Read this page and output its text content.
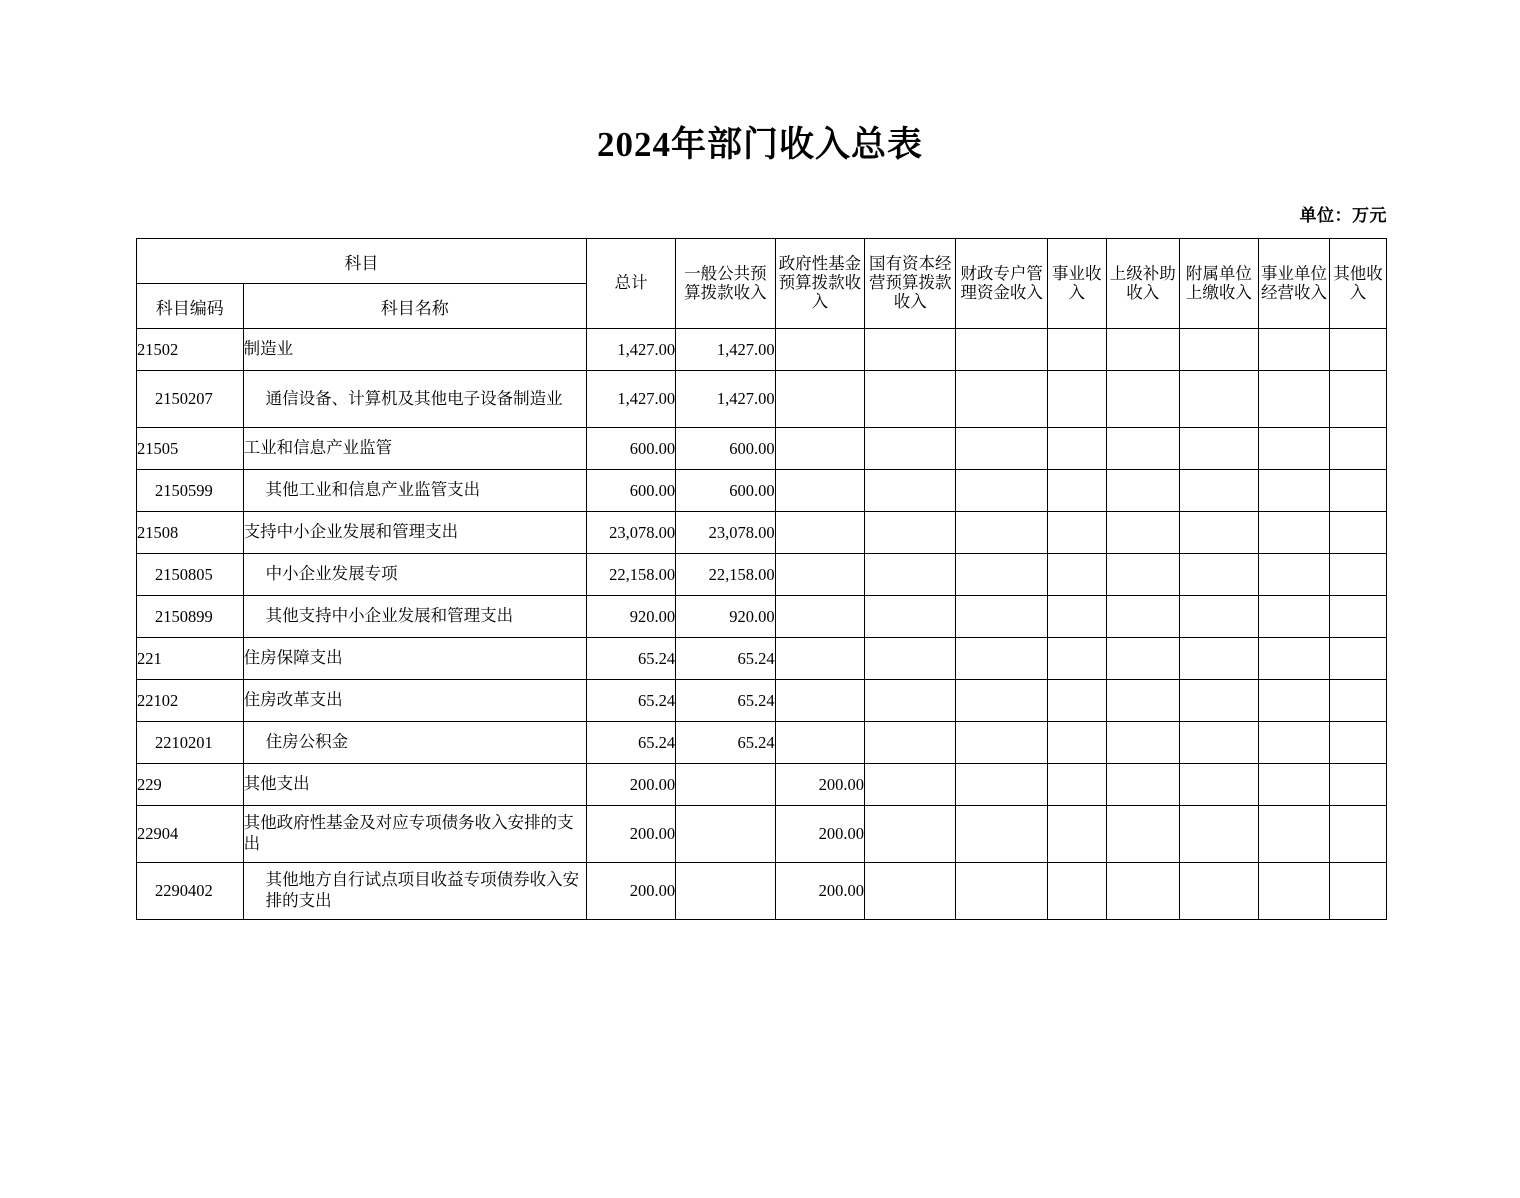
2024年部门收入总表
单位：万元
科目		总计	一般公共预算拨款收入	政府性基金预算拨款收入	国有资本经营预算拨款收入	财政专户管理资金收入	事业收入	上级补助收入	附属单位上缴收入	事业单位经营收入	其他收入
科目编码	科目名称										
21502	制造业	1,427.00	1,427.00								
2150207	通信设备、计算机及其他电子设备制造业	1,427.00	1,427.00								
21505	工业和信息产业监管	600.00	600.00								
2150599	其他工业和信息产业监管支出	600.00	600.00								
21508	支持中小企业发展和管理支出	23,078.00	23,078.00								
2150805	中小企业发展专项	22,158.00	22,158.00								
2150899	其他支持中小企业发展和管理支出	920.00	920.00								
221	住房保障支出	65.24	65.24								
22102	住房改革支出	65.24	65.24								
2210201	住房公积金	65.24	65.24								
229	其他支出	200.00		200.00							
22904	其他政府性基金及对应专项债务收入安排的支出	200.00		200.00							
2290402	其他地方自行试点项目收益专项债券收入安排的支出	200.00		200.00							
